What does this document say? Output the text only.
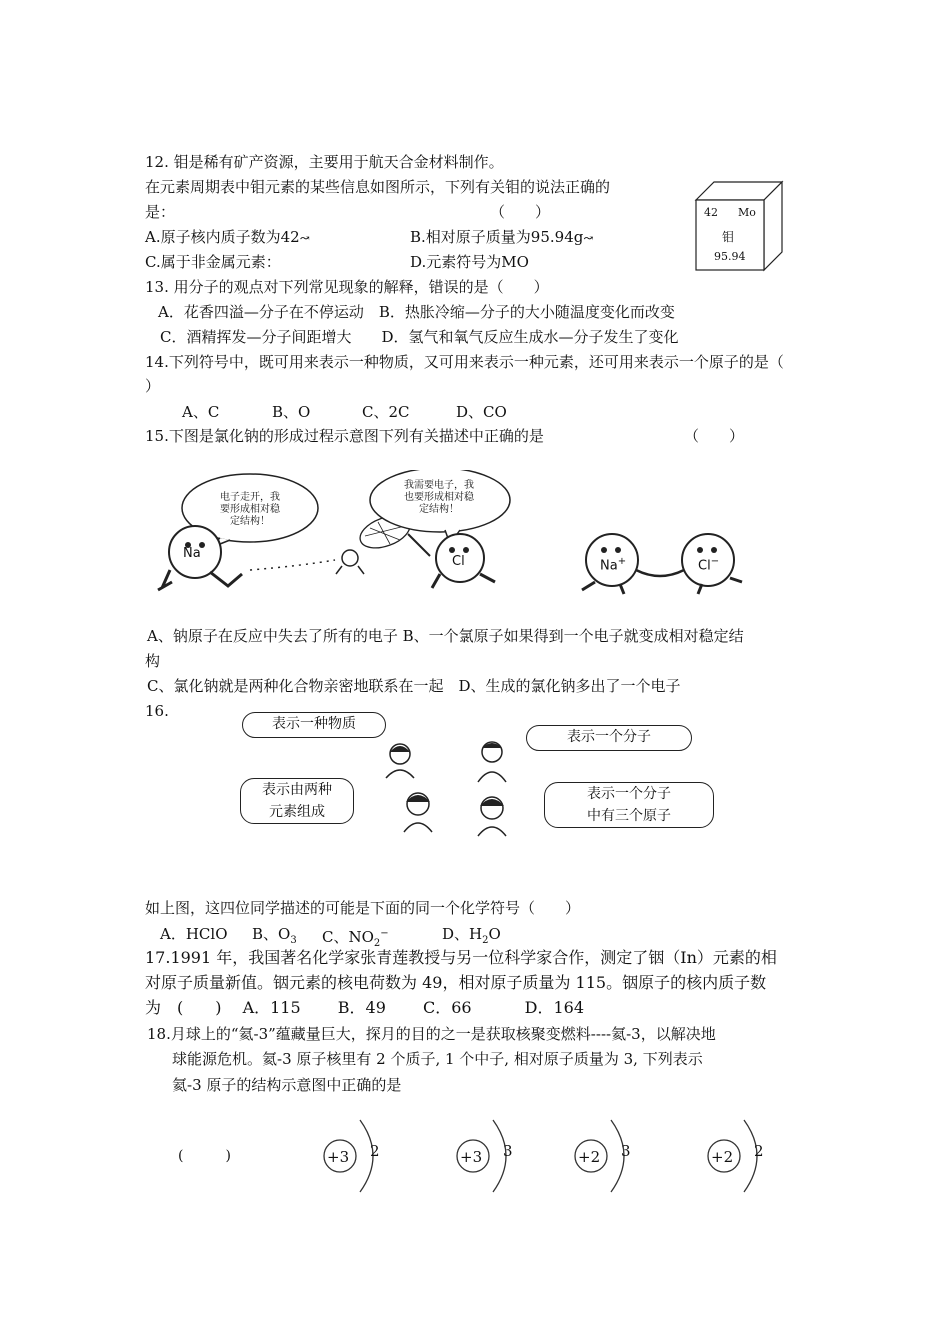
12. 钼是稀有矿产资源，主要用于航天合金材料制作。
在元素周期表中钼元素的某些信息如图所示，下列有关钼的说法正确的
是：	（　　）
A.原子核内质子数为42↝	B.相对原子质量为95.94g↝
C.属于非金属元素：	D.元素符号为MO
42 Mo
钼
95.94
13. 用分子的观点对下列常见现象的解释，错误的是（　　）
A．花香四溢—分子在不停运动　B．热胀冷缩—分子的大小随温度变化而改变
C．酒精挥发—分子间距增大　　D．氢气和氧气反应生成水—分子发生了变化
14.下列符号中，既可用来表示一种物质，又可用来表示一种元素，还可用来表示一个原子的是（
）
A、C	B、O	C、2C	D、CO
15.下图是氯化钠的形成过程示意图下列有关描述中正确的是	（　　）
电子走开，我
要形成相对稳
定结构！
我需要电子，我
也要形成相对稳
定结构！
Na
Cl	Na+	Cl−
A、钠原子在反应中失去了所有的电子 B、一个氯原子如果得到一个电子就变成相对稳定结
构
C、氯化钠就是两种化合物亲密地联系在一起　D、生成的氯化钠多出了一个电子
16.
表示一种物质
表示一个分子
表示由两种
元素组成
表示一个分子
中有三个原子
如上图，这四位同学描述的可能是下面的同一个化学符号（　　）
A．HClO B、$O_3$ C、$NO_2^-$	D、$H_2O$
17.1991 年，我国著名化学家张青莲教授与另一位科学家合作，测定了铟（In）元素的相
对原子质量新值。铟元素的核电荷数为 49，相对原子质量为 115。铟原子的核内质子数
为　(　　)　 A．115　　 B．49　　 C．66　　　 D．164
18.月球上的“氦-3”蕴藏量巨大，探月的目的之一是获取核聚变燃料----氦-3，以解决地
球能源危机。氦-3 原子核里有 2 个质子, 1 个中子, 相对原子质量为 3, 下列表示
氦-3 原子的结构示意图中正确的是
(　　　)	+3 2	+3 3	+2 3	+2 2
